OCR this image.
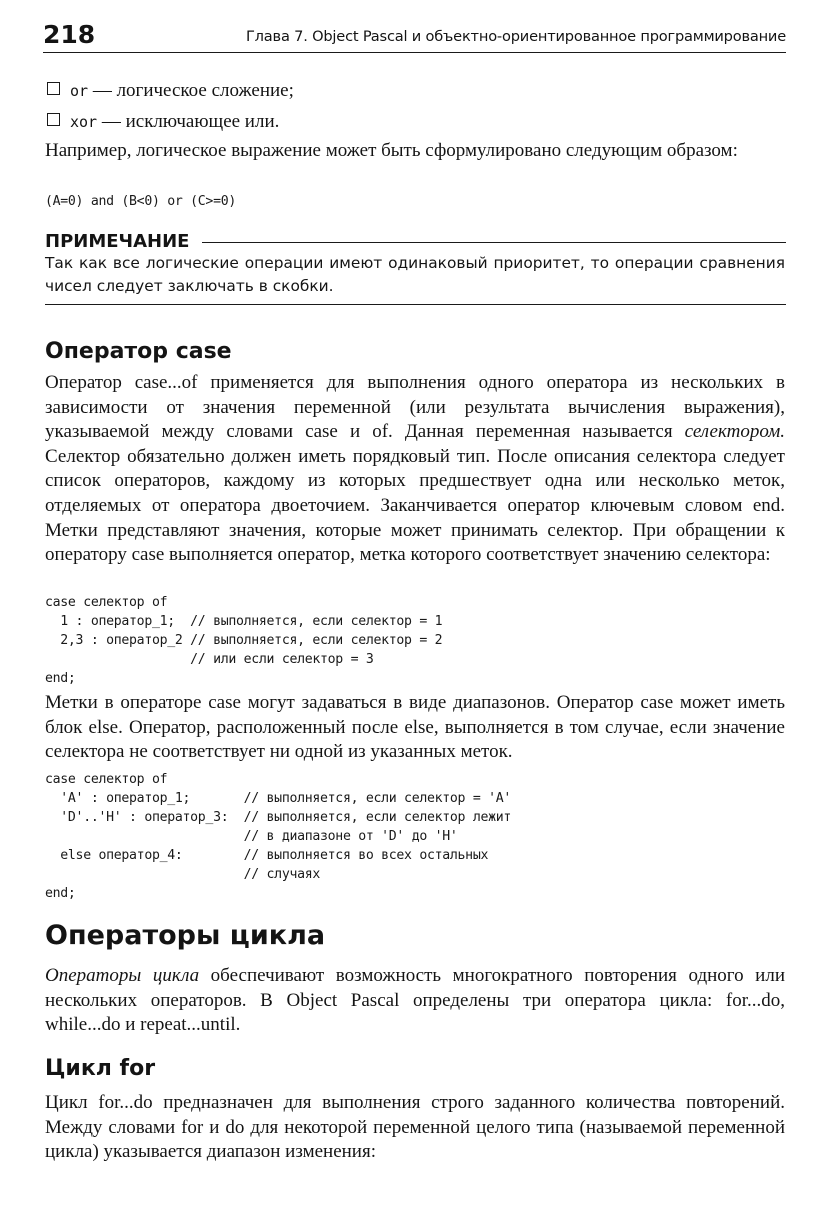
218	Глава 7. Object Pascal и объектно-ориентированное программирование
or — логическое сложение;
xor — исключающее или.

Например, логическое выражение может быть сформулировано следующим образом:

(A=0) and (B<0) or (C>=0)
ПРИМЕЧАНИЕ

Так как все логические операции имеют одинаковый приоритет, то операции сравнения чисел следует заключать в скобки.

Оператор case

Оператор case...of применяется для выполнения одного оператора из нескольких в зависимости от значения переменной (или результата вычисления выражения), указываемой между словами case и of. Данная переменная называется селектором. Селектор обязательно должен иметь порядковый тип. После описания селектора следует список операторов, каждому из которых предшествует одна или несколько меток, отделяемых от оператора двоеточием. Заканчивается оператор ключевым словом end. Метки представляют значения, которые может принимать селектор. При обращении к оператору case выполняется оператор, метка которого соответствует значению селектора:

case селектор of
1 : оператор_1;  // выполняется, если селектор = 1
2,3 : оператор_2 // выполняется, если селектор = 2
// или если селектор = 3
end;

Метки в операторе case могут задаваться в виде диапазонов. Оператор case может иметь блок else. Оператор, расположенный после else, выполняется в том случае, если значение селектора не соответствует ни одной из указанных меток.

case селектор of
'A' : оператор_1;       // выполняется, если селектор = 'A'
'D'..'H' : оператор_3:  // выполняется, если селектор лежит
// в диапазоне от 'D' до 'H'
else оператор_4:        // выполняется во всех остальных
// случаях
end;
Операторы цикла

Операторы цикла обеспечивают возможность многократного повторения одного или нескольких операторов. В Object Pascal определены три оператора цикла: for...do, while...do и repeat...until.

Цикл for

Цикл for...do предназначен для выполнения строго заданного количества повторений. Между словами for и do для некоторой переменной целого типа (называемой переменной цикла) указывается диапазон изменения:
